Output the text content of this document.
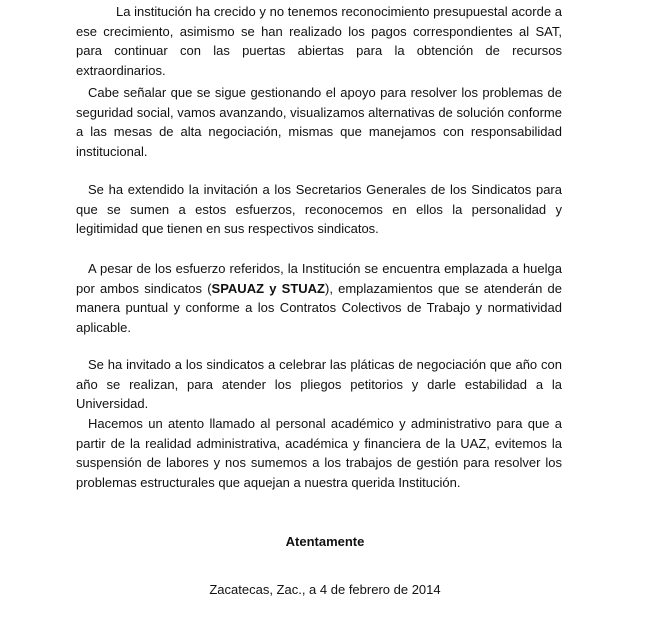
La institución ha crecido y no tenemos reconocimiento presupuestal acorde a ese crecimiento, asimismo se han realizado los pagos correspondientes al SAT, para continuar con las puertas abiertas para la obtención de recursos extraordinarios.

Cabe señalar que se sigue gestionando el apoyo para resolver los problemas de seguridad social, vamos avanzando, visualizamos alternativas de solución conforme a las mesas de alta negociación, mismas que manejamos con responsabilidad institucional.

Se ha extendido la invitación a los Secretarios Generales de los Sindicatos para que se sumen a estos esfuerzos, reconocemos en ellos la personalidad y legitimidad que tienen en sus respectivos sindicatos.

A pesar de los esfuerzo referidos, la Institución se encuentra emplazada a huelga por ambos sindicatos (SPAUAZ y STUAZ), emplazamientos que se atenderán de manera puntual y conforme a los Contratos Colectivos de Trabajo y normatividad aplicable.

Se ha invitado a los sindicatos a celebrar las pláticas de negociación que año con año se realizan, para atender los pliegos petitorios y darle estabilidad a la Universidad.

Hacemos un atento llamado al personal académico y administrativo para que a partir de la realidad administrativa, académica y financiera de la UAZ, evitemos la suspensión de labores y nos sumemos a los trabajos de gestión para resolver los problemas estructurales que aquejan a nuestra querida Institución.

Atentamente

Zacatecas, Zac., a 4 de febrero de 2014
